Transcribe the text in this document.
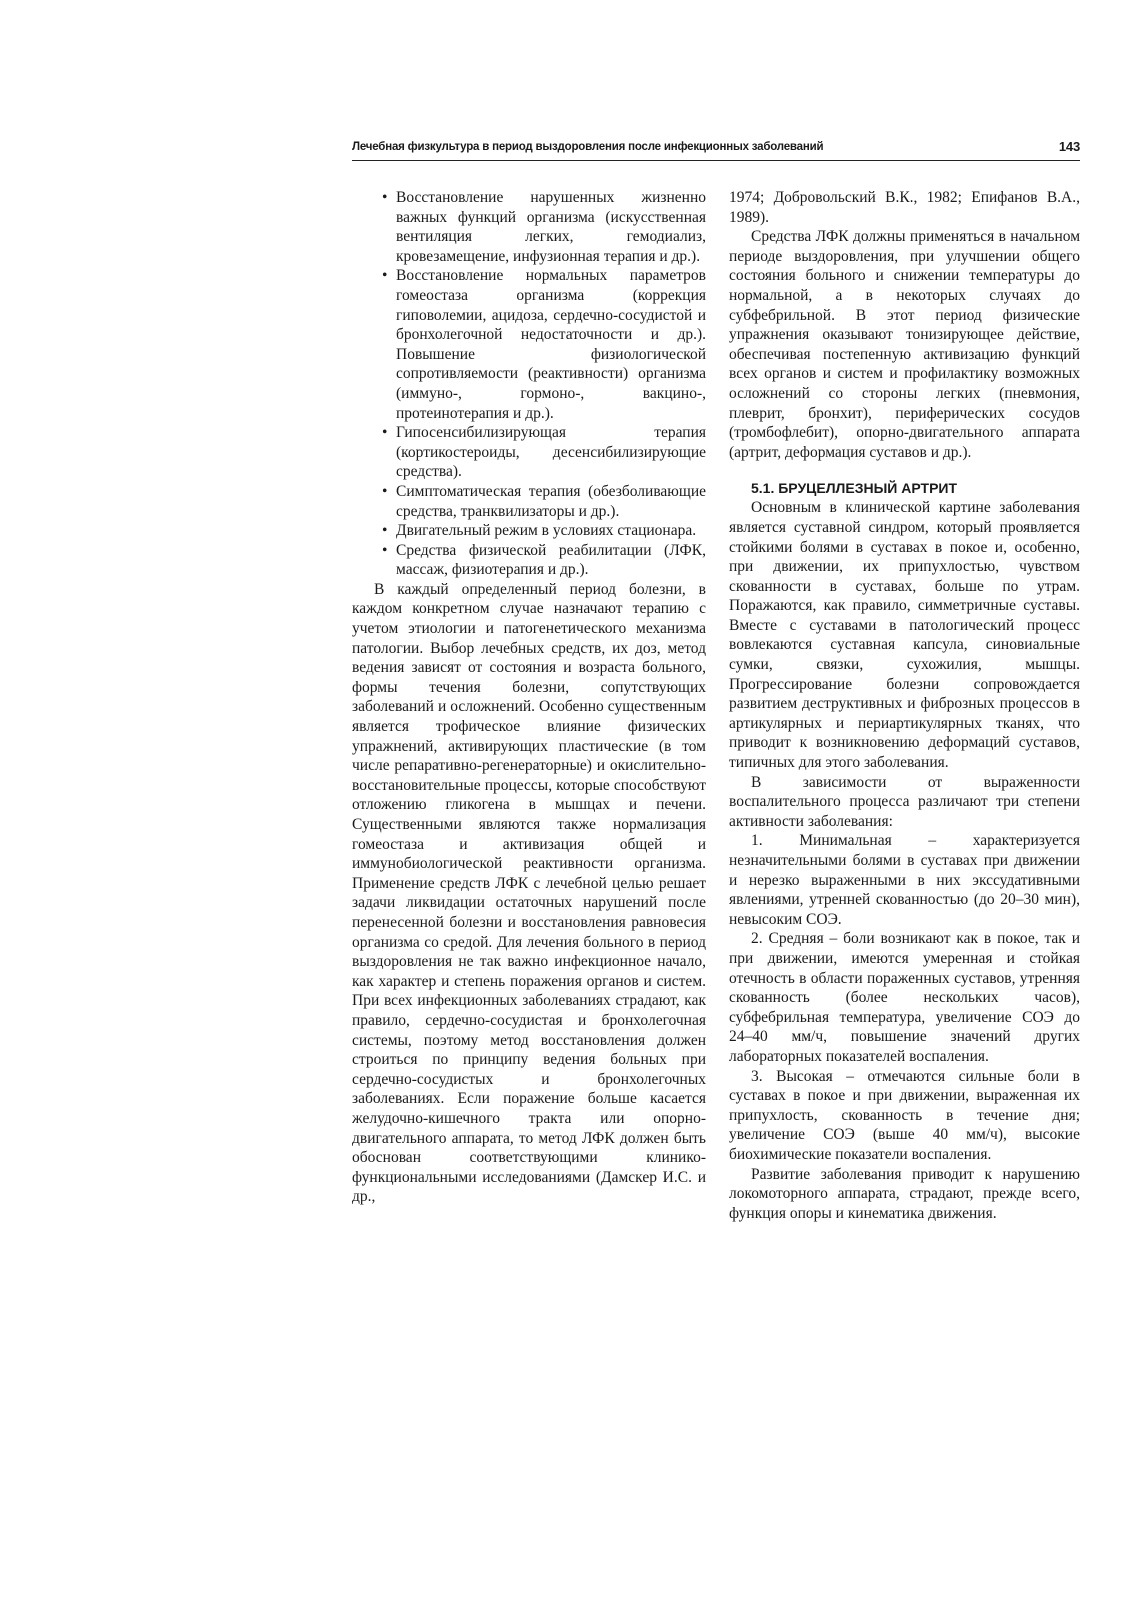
Лечебная физкультура в период выздоровления после инфекционных заболеваний	143
• Восстановление нарушенных жизненно важных функций организма (искусственная вентиляция легких, гемодиализ, кровезамещение, инфузионная терапия и др.).
• Восстановление нормальных параметров гомеостаза организма (коррекция гиповолемии, ацидоза, сердечно-сосудистой и бронхолегочной недостаточности и др.). Повышение физиологической сопротивляемости (реактивности) организма (иммуно-, гормоно-, вакцино-, протеинотерапия и др.).
• Гипосенсибилизирующая терапия (кортикостероиды, десенсибилизирующие средства).
• Симптоматическая терапия (обезболивающие средства, транквилизаторы и др.).
• Двигательный режим в условиях стационара.
• Средства физической реабилитации (ЛФК, массаж, физиотерапия и др.).

В каждый определенный период болезни, в каждом конкретном случае назначают терапию с учетом этиологии и патогенетического механизма патологии. Выбор лечебных средств, их доз, метод ведения зависят от состояния и возраста больного, формы течения болезни, сопутствующих заболеваний и осложнений. Особенно существенным является трофическое влияние физических упражнений, активирующих пластические (в том числе репаративно-регенераторные) и окислительно-восстановительные процессы, которые способствуют отложению гликогена в мышцах и печени. Существенными являются также нормализация гомеостаза и активизация общей и иммунобиологической реактивности организма. Применение средств ЛФК с лечебной целью решает задачи ликвидации остаточных нарушений после перенесенной болезни и восстановления равновесия организма со средой. Для лечения больного в период выздоровления не так важно инфекционное начало, как характер и степень поражения органов и систем. При всех инфекционных заболеваниях страдают, как правило, сердечно-сосудистая и бронхолегочная системы, поэтому метод восстановления должен строиться по принципу ведения больных при сердечно-сосудистых и бронхолегочных заболеваниях. Если поражение больше касается желудочно-кишечного тракта или опорно-двигательного аппарата, то метод ЛФК должен быть обоснован соответствующими клинико-функциональными исследованиями (Дамскер И.С. и др.,

1974; Добровольский В.К., 1982; Епифанов В.А., 1989).

Средства ЛФК должны применяться в начальном периоде выздоровления, при улучшении общего состояния больного и снижении температуры до нормальной, а в некоторых случаях до субфебрильной. В этот период физические упражнения оказывают тонизирующее действие, обеспечивая постепенную активизацию функций всех органов и систем и профилактику возможных осложнений со стороны легких (пневмония, плеврит, бронхит), периферических сосудов (тромбофлебит), опорно-двигательного аппарата (артрит, деформация суставов и др.).

5.1. БРУЦЕЛЛЕЗНЫЙ АРТРИТ

Основным в клинической картине заболевания является суставной синдром, который проявляется стойкими болями в суставах в покое и, особенно, при движении, их припухлостью, чувством скованности в суставах, больше по утрам. Поражаются, как правило, симметричные суставы. Вместе с суставами в патологический процесс вовлекаются суставная капсула, синовиальные сумки, связки, сухожилия, мышцы. Прогрессирование болезни сопровождается развитием деструктивных и фиброзных процессов в артикулярных и периартикулярных тканях, что приводит к возникновению деформаций суставов, типичных для этого заболевания.

В зависимости от выраженности воспалительного процесса различают три степени активности заболевания:

1. Минимальная – характеризуется незначительными болями в суставах при движении и нерезко выраженными в них экссудативными явлениями, утренней скованностью (до 20–30 мин), невысоким СОЭ.

2. Средняя – боли возникают как в покое, так и при движении, имеются умеренная и стойкая отечность в области пораженных суставов, утренняя скованность (более нескольких часов), субфебрильная температура, увеличение СОЭ до 24–40 мм/ч, повышение значений других лабораторных показателей воспаления.

3. Высокая – отмечаются сильные боли в суставах в покое и при движении, выраженная их припухлость, скованность в течение дня; увеличение СОЭ (выше 40 мм/ч), высокие биохимические показатели воспаления.

Развитие заболевания приводит к нарушению локомоторного аппарата, страдают, прежде всего, функция опоры и кинематика движения.
